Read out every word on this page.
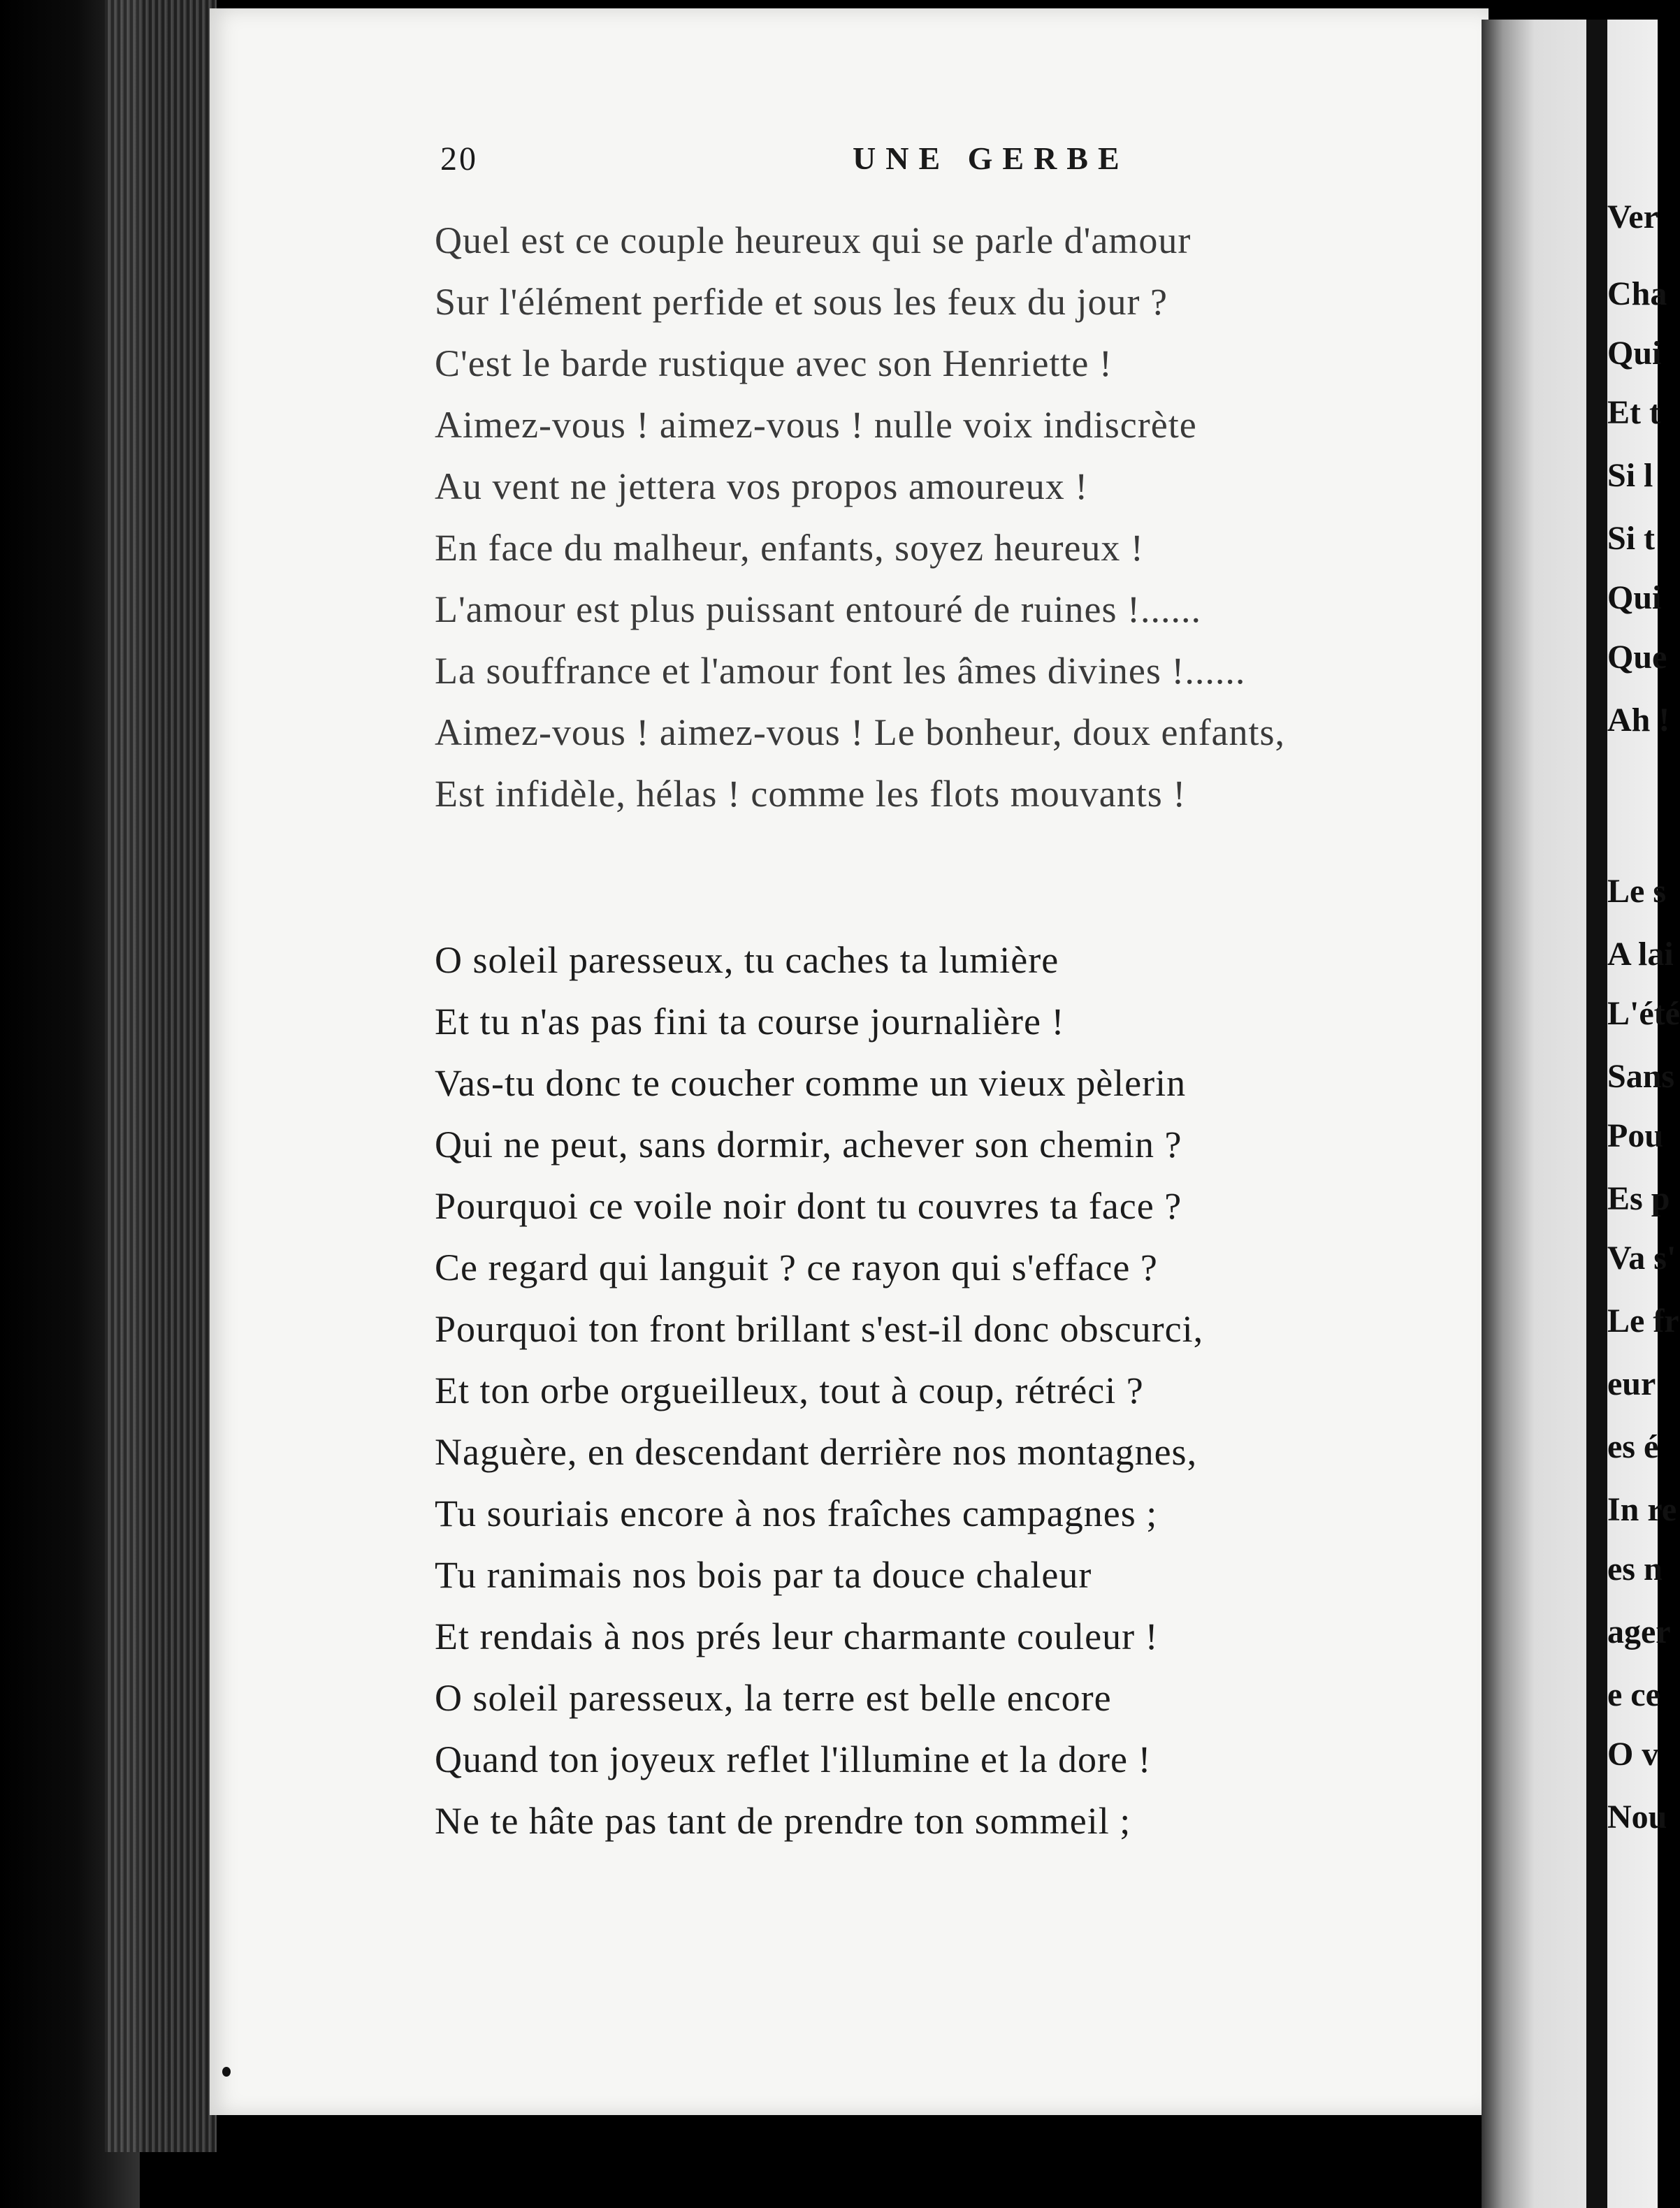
Ver
Cha
Qui
Et t
Si l
Si t
Qui
Que
Ah !
Le s
A lai
L'été
Sans
Pou
Es p
Va s'
Le fr
eur
es é
In re
es n
ager
e ce
O v
Nou
20	UNE GERBE
Quel est ce couple heureux qui se parle d'amour
Sur l'élément perfide et sous les feux du jour ?
C'est le barde rustique avec son Henriette !
Aimez-vous ! aimez-vous ! nulle voix indiscrète
Au vent ne jettera vos propos amoureux !
En face du malheur, enfants, soyez heureux !
L'amour est plus puissant entouré de ruines !......
La souffrance et l'amour font les âmes divines !......
Aimez-vous ! aimez-vous ! Le bonheur, doux enfants,
Est infidèle, hélas ! comme les flots mouvants !
O soleil paresseux, tu caches ta lumière
Et tu n'as pas fini ta course journalière !
Vas-tu donc te coucher comme un vieux pèlerin
Qui ne peut, sans dormir, achever son chemin ?
Pourquoi ce voile noir dont tu couvres ta face ?
Ce regard qui languit ? ce rayon qui s'efface ?
Pourquoi ton front brillant s'est-il donc obscurci,
Et ton orbe orgueilleux, tout à coup, rétréci ?
Naguère, en descendant derrière nos montagnes,
Tu souriais encore à nos fraîches campagnes ;
Tu ranimais nos bois par ta douce chaleur
Et rendais à nos prés leur charmante couleur !
O soleil paresseux, la terre est belle encore
Quand ton joyeux reflet l'illumine et la dore !
Ne te hâte pas tant de prendre ton sommeil ;
